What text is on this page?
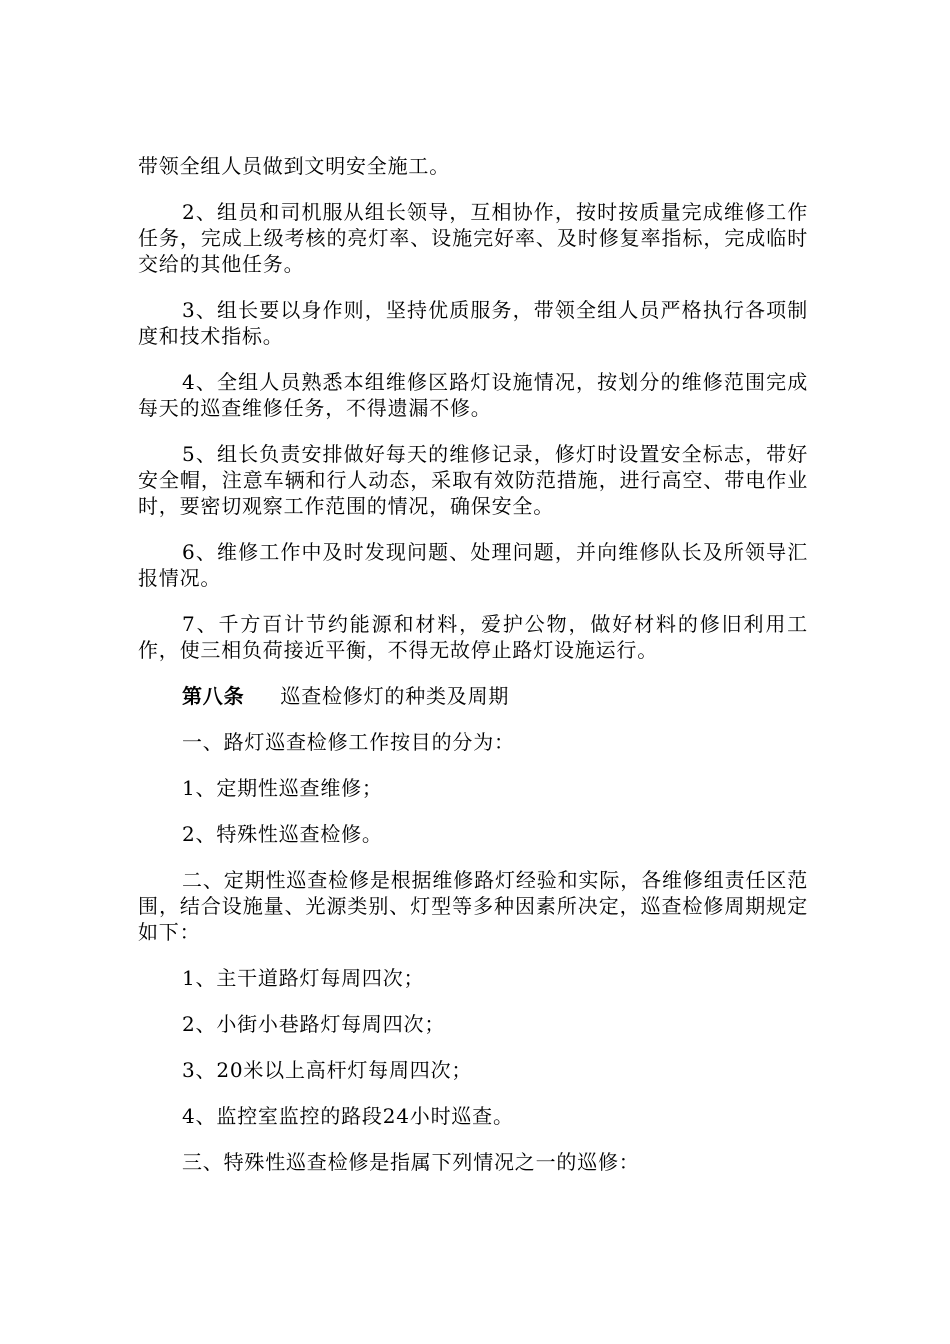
带领全组人员做到文明安全施工。

2、组员和司机服从组长领导，互相协作，按时按质量完成维修工作任务，完成上级考核的亮灯率、设施完好率、及时修复率指标，完成临时交给的其他任务。

3、组长要以身作则，坚持优质服务，带领全组人员严格执行各项制度和技术指标。

4、全组人员熟悉本组维修区路灯设施情况，按划分的维修范围完成每天的巡查维修任务，不得遗漏不修。

5、组长负责安排做好每天的维修记录，修灯时设置安全标志，带好安全帽，注意车辆和行人动态，采取有效防范措施，进行高空、带电作业时，要密切观察工作范围的情况，确保安全。

6、维修工作中及时发现问题、处理问题，并向维修队长及所领导汇报情况。

7、千方百计节约能源和材料，爱护公物，做好材料的修旧利用工作，使三相负荷接近平衡，不得无故停止路灯设施运行。

第八条 巡查检修灯的种类及周期

一、路灯巡查检修工作按目的分为：

1、定期性巡查维修；

2、特殊性巡查检修。

二、定期性巡查检修是根据维修路灯经验和实际，各维修组责任区范围，结合设施量、光源类别、灯型等多种因素所决定，巡查检修周期规定如下：

1、主干道路灯每周四次；

2、小街小巷路灯每周四次；

3、20米以上高杆灯每周四次；

4、监控室监控的路段24小时巡查。

三、特殊性巡查检修是指属下列情况之一的巡修：
